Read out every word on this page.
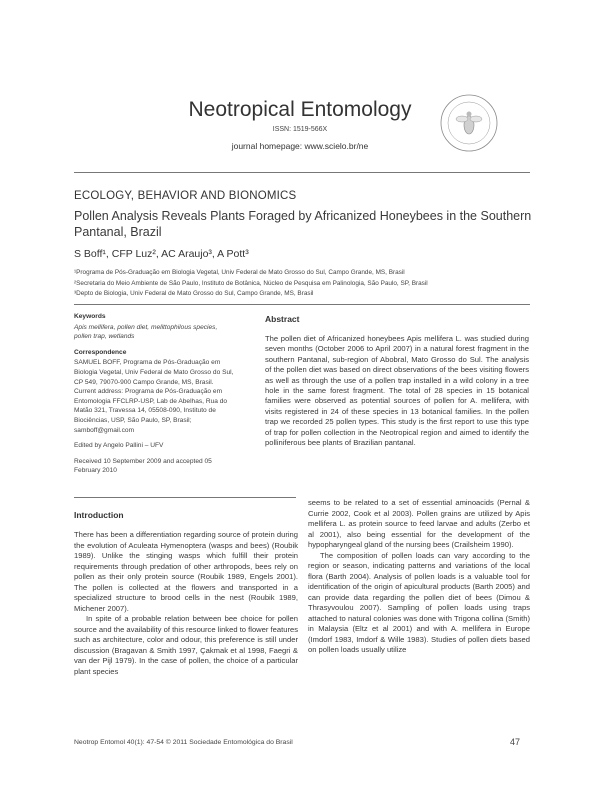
Neotropical Entomology
ISSN: 1519-566X
journal homepage: www.scielo.br/ne
ECOLOGY, BEHAVIOR AND BIONOMICS
Pollen Analysis Reveals Plants Foraged by Africanized Honeybees in the Southern Pantanal, Brazil
S Boff¹, CFP Luz², AC Araujo³, A Pott³
¹Programa de Pós-Graduação em Biologia Vegetal, Univ Federal de Mato Grosso do Sul, Campo Grande, MS, Brasil
²Secretaria do Meio Ambiente de São Paulo, Instituto de Botânica, Núcleo de Pesquisa em Palinologia, São Paulo, SP, Brasil
³Depto de Biologia, Univ Federal de Mato Grosso do Sul, Campo Grande, MS, Brasil
Keywords
Apis mellifera, pollen diet, melittophilous species, pollen trap, wetlands
Correspondence
SAMUEL BOFF, Programa de Pós-Graduação em Biologia Vegetal, Univ Federal de Mato Grosso do Sul, CP 549, 79070-900 Campo Grande, MS, Brasil. Current address: Programa de Pós-Graduação em Entomologia FFCLRP-USP, Lab de Abelhas, Rua do Matão 321, Travessa 14, 05508-090, Instituto de Biociências, USP, São Paulo, SP, Brasil; samboff@gmail.com
Edited by Angelo Pallini – UFV
Received 10 September 2009 and accepted 05 February 2010
Abstract
The pollen diet of Africanized honeybees Apis mellifera L. was studied during seven months (October 2006 to April 2007) in a natural forest fragment in the southern Pantanal, sub-region of Abobral, Mato Grosso do Sul. The analysis of the pollen diet was based on direct observations of the bees visiting flowers as well as through the use of a pollen trap installed in a wild colony in a tree hole in the same forest fragment. The total of 28 species in 15 botanical families were observed as potential sources of pollen for A. mellifera, with visits registered in 24 of these species in 13 botanical families. In the pollen trap we recorded 25 pollen types. This study is the first report to use this type of trap for pollen collection in the Neotropical region and aimed to identify the polliniferous bee plants of Brazilian pantanal.
Introduction

There has been a differentiation regarding source of protein during the evolution of Aculeata Hymenoptera (wasps and bees) (Roubik 1989). Unlike the stinging wasps which fulfill their protein requirements through predation of other arthropods, bees rely on pollen as their only protein source (Roubik 1989, Engels 2001). The pollen is collected at the flowers and transported in a specialized structure to brood cells in the nest (Roubik 1989, Michener 2007).

In spite of a probable relation between bee choice for pollen source and the availability of this resource linked to flower features such as architecture, color and odour, this preference is still under discussion (Bragavan & Smith 1997, Çakmak et al 1998, Faegri & van der Pijl 1979). In the case of pollen, the choice of a particular plant species

seems to be related to a set of essential aminoacids (Pernal & Currie 2002, Cook et al 2003). Pollen grains are utilized by Apis mellifera L. as protein source to feed larvae and adults (Zerbo et al 2001), also being essential for the development of the hypopharyngeal gland of the nursing bees (Crailsheim 1990).

The composition of pollen loads can vary according to the region or season, indicating patterns and variations of the local flora (Barth 2004). Analysis of pollen loads is a valuable tool for identification of the origin of apicultural products (Barth 2005) and can provide data regarding the pollen diet of bees (Dimou & Thrasyvoulou 2007). Sampling of pollen loads using traps attached to natural colonies was done with Trigona collina (Smith) in Malaysia (Eltz et al 2001) and with A. mellifera in Europe (Imdorf 1983, Imdorf & Wille 1983). Studies of pollen diets based on pollen loads usually utilize

Neotrop Entomol 40(1): 47-54 © 2011 Sociedade Entomológica do Brasil	47
